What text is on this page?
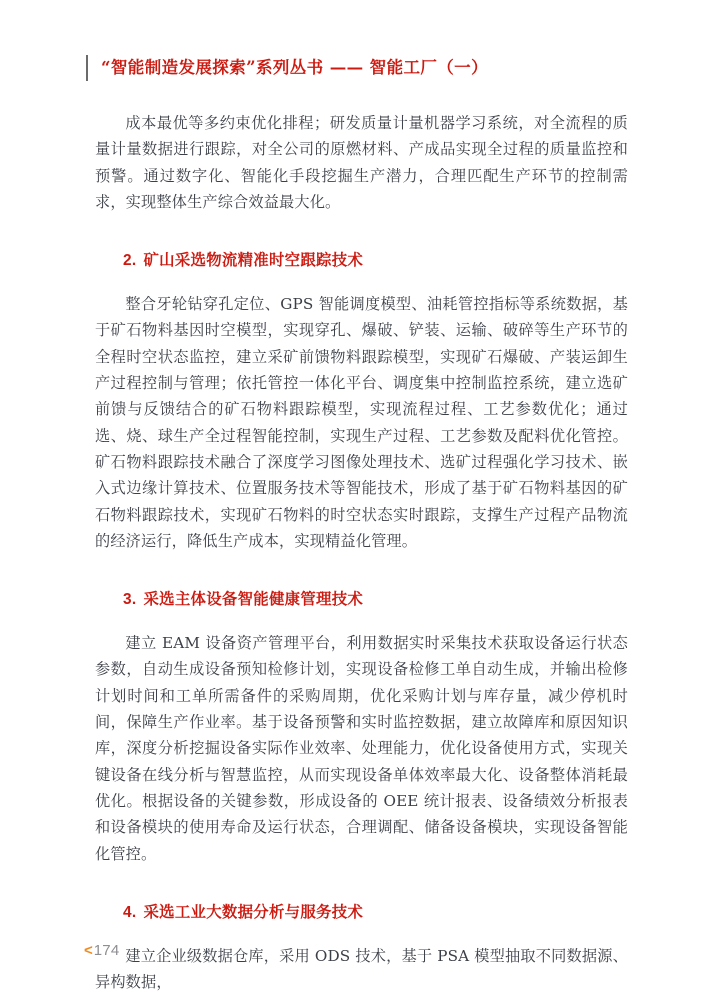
“智能制造发展探索”系列丛书 —— 智能工厂（一）

成本最优等多约束优化排程；研发质量计量机器学习系统，对全流程的质量计量数据进行跟踪，对全公司的原燃材料、产成品实现全过程的质量监控和预警。通过数字化、智能化手段挖掘生产潜力，合理匹配生产环节的控制需求，实现整体生产综合效益最大化。

2. 矿山采选物流精准时空跟踪技术

整合牙轮钻穿孔定位、GPS 智能调度模型、油耗管控指标等系统数据，基于矿石物料基因时空模型，实现穿孔、爆破、铲装、运输、破碎等生产环节的全程时空状态监控，建立采矿前馈物料跟踪模型，实现矿石爆破、产装运卸生产过程控制与管理；依托管控一体化平台、调度集中控制监控系统，建立选矿前馈与反馈结合的矿石物料跟踪模型，实现流程过程、工艺参数优化；通过选、烧、球生产全过程智能控制，实现生产过程、工艺参数及配料优化管控。矿石物料跟踪技术融合了深度学习图像处理技术、选矿过程强化学习技术、嵌入式边缘计算技术、位置服务技术等智能技术，形成了基于矿石物料基因的矿石物料跟踪技术，实现矿石物料的时空状态实时跟踪，支撑生产过程产品物流的经济运行，降低生产成本，实现精益化管理。

3. 采选主体设备智能健康管理技术

建立 EAM 设备资产管理平台，利用数据实时采集技术获取设备运行状态参数，自动生成设备预知检修计划，实现设备检修工单自动生成，并输出检修计划时间和工单所需备件的采购周期，优化采购计划与库存量，减少停机时间，保障生产作业率。基于设备预警和实时监控数据，建立故障库和原因知识库，深度分析挖掘设备实际作业效率、处理能力，优化设备使用方式，实现关键设备在线分析与智慧监控，从而实现设备单体效率最大化、设备整体消耗最优化。根据设备的关键参数，形成设备的 OEE 统计报表、设备绩效分析报表和设备模块的使用寿命及运行状态，合理调配、储备设备模块，实现设备智能化管控。

4. 采选工业大数据分析与服务技术

建立企业级数据仓库，采用 ODS 技术，基于 PSA 模型抽取不同数据源、异构数据，

< 174
